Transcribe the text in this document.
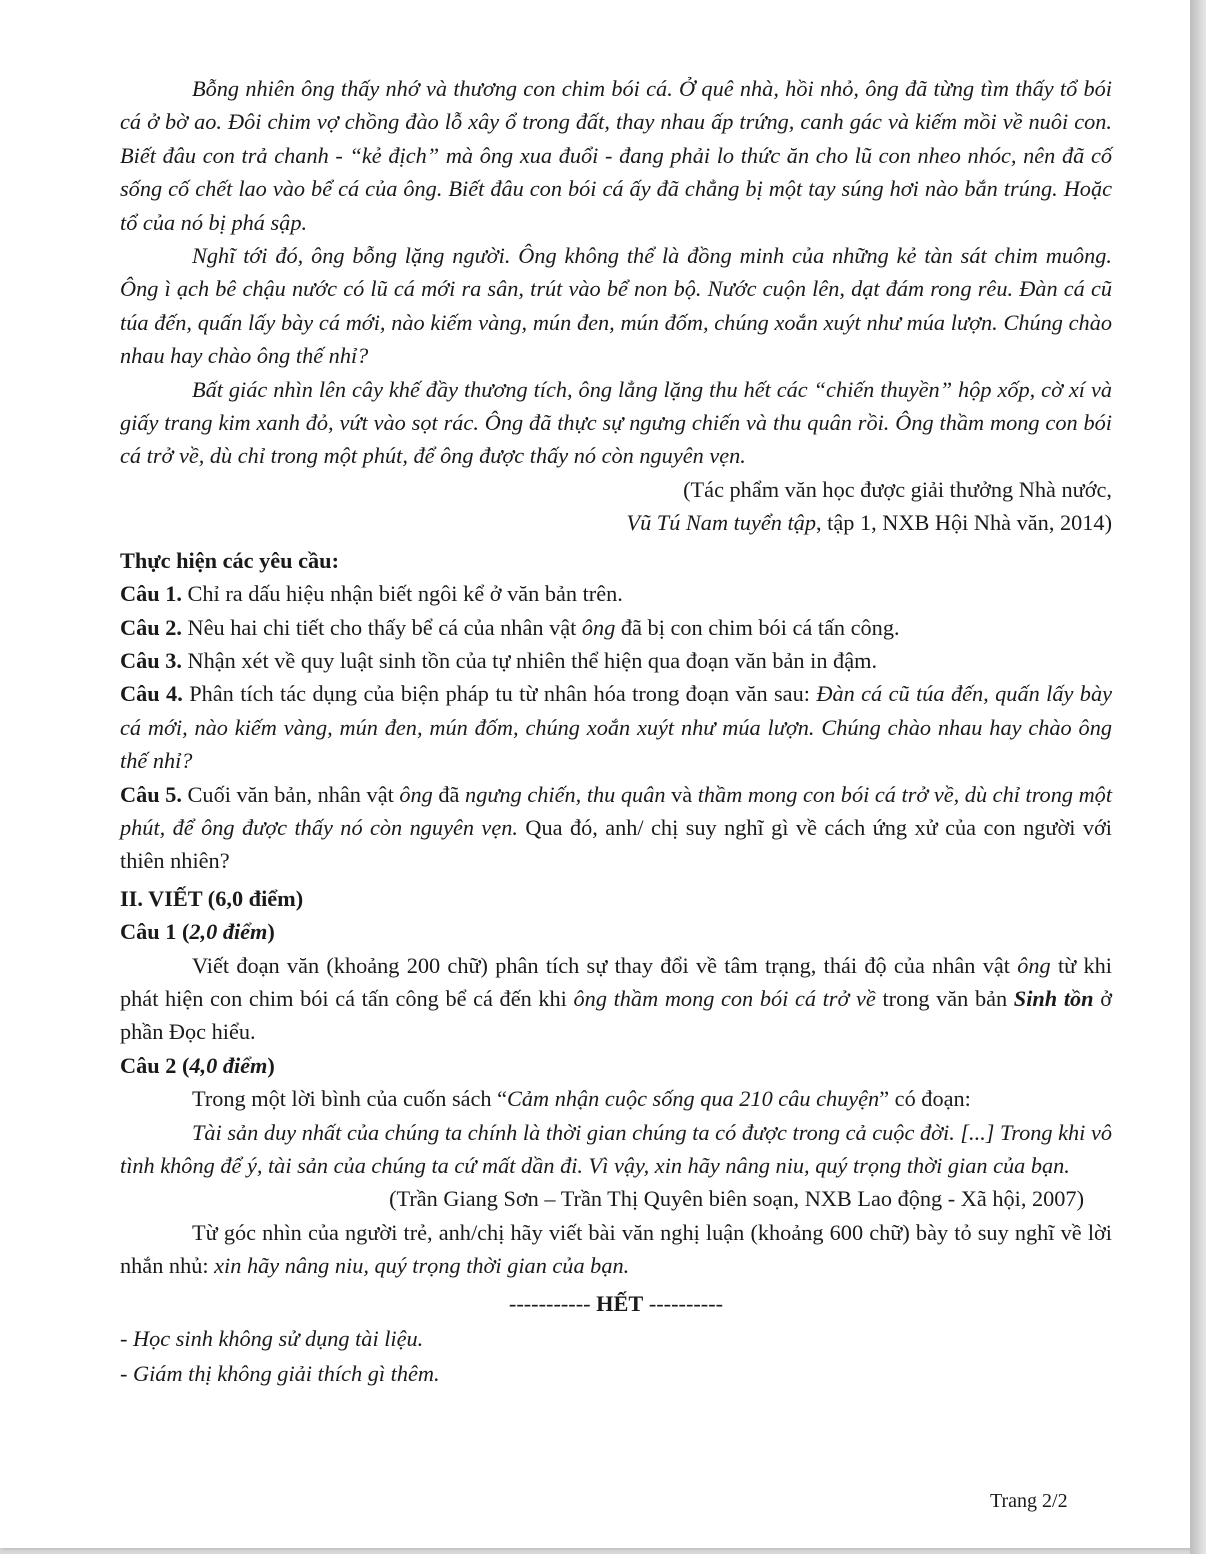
Bỗng nhiên ông thấy nhớ và thương con chim bói cá. Ở quê nhà, hồi nhỏ, ông đã từng tìm thấy tổ bói cá ở bờ ao. Đôi chim vợ chồng đào lỗ xây ổ trong đất, thay nhau ấp trứng, canh gác và kiếm mồi về nuôi con. Biết đâu con trả chanh - “kẻ địch” mà ông xua đuổi - đang phải lo thức ăn cho lũ con nheo nhóc, nên đã cố sống cố chết lao vào bể cá của ông. Biết đâu con bói cá ấy đã chẳng bị một tay súng hơi nào bắn trúng. Hoặc tổ của nó bị phá sập.

Nghĩ tới đó, ông bỗng lặng người. Ông không thể là đồng minh của những kẻ tàn sát chim muông. Ông ì ạch bê chậu nước có lũ cá mới ra sân, trút vào bể non bộ. Nước cuộn lên, dạt đám rong rêu. Đàn cá cũ túa đến, quấn lấy bày cá mới, nào kiếm vàng, mún đen, mún đốm, chúng xoắn xuýt như múa lượn. Chúng chào nhau hay chào ông thế nhỉ?

Bất giác nhìn lên cây khế đầy thương tích, ông lẳng lặng thu hết các “chiến thuyền” hộp xốp, cờ xí và giấy trang kim xanh đỏ, vứt vào sọt rác. Ông đã thực sự ngưng chiến và thu quân rồi. Ông thầm mong con bói cá trở về, dù chỉ trong một phút, để ông được thấy nó còn nguyên vẹn.

(Tác phẩm văn học được giải thưởng Nhà nước,

Vũ Tú Nam tuyển tập, tập 1, NXB Hội Nhà văn, 2014)

Thực hiện các yêu cầu:

Câu 1. Chỉ ra dấu hiệu nhận biết ngôi kể ở văn bản trên.

Câu 2. Nêu hai chi tiết cho thấy bể cá của nhân vật ông đã bị con chim bói cá tấn công.

Câu 3. Nhận xét về quy luật sinh tồn của tự nhiên thể hiện qua đoạn văn bản in đậm.

Câu 4. Phân tích tác dụng của biện pháp tu từ nhân hóa trong đoạn văn sau: Đàn cá cũ túa đến, quấn lấy bày cá mới, nào kiếm vàng, mún đen, mún đốm, chúng xoắn xuýt như múa lượn. Chúng chào nhau hay chào ông thế nhỉ?

Câu 5. Cuối văn bản, nhân vật ông đã ngưng chiến, thu quân và thầm mong con bói cá trở về, dù chỉ trong một phút, để ông được thấy nó còn nguyên vẹn. Qua đó, anh/ chị suy nghĩ gì về cách ứng xử của con người với thiên nhiên?

II. VIẾT (6,0 điểm)

Câu 1 (2,0 điểm)

Viết đoạn văn (khoảng 200 chữ) phân tích sự thay đổi về tâm trạng, thái độ của nhân vật ông từ khi phát hiện con chim bói cá tấn công bể cá đến khi ông thầm mong con bói cá trở về trong văn bản Sinh tồn ở phần Đọc hiểu.

Câu 2 (4,0 điểm)

Trong một lời bình của cuốn sách “Cảm nhận cuộc sống qua 210 câu chuyện” có đoạn:

Tài sản duy nhất của chúng ta chính là thời gian chúng ta có được trong cả cuộc đời. [...] Trong khi vô tình không để ý, tài sản của chúng ta cứ mất dần đi. Vì vậy, xin hãy nâng niu, quý trọng thời gian của bạn.

(Trần Giang Sơn – Trần Thị Quyên biên soạn, NXB Lao động - Xã hội, 2007)

Từ góc nhìn của người trẻ, anh/chị hãy viết bài văn nghị luận (khoảng 600 chữ) bày tỏ suy nghĩ về lời nhắn nhủ: xin hãy nâng niu, quý trọng thời gian của bạn.

----------- HẾT ----------

- Học sinh không sử dụng tài liệu.

- Giám thị không giải thích gì thêm.

Trang 2/2
